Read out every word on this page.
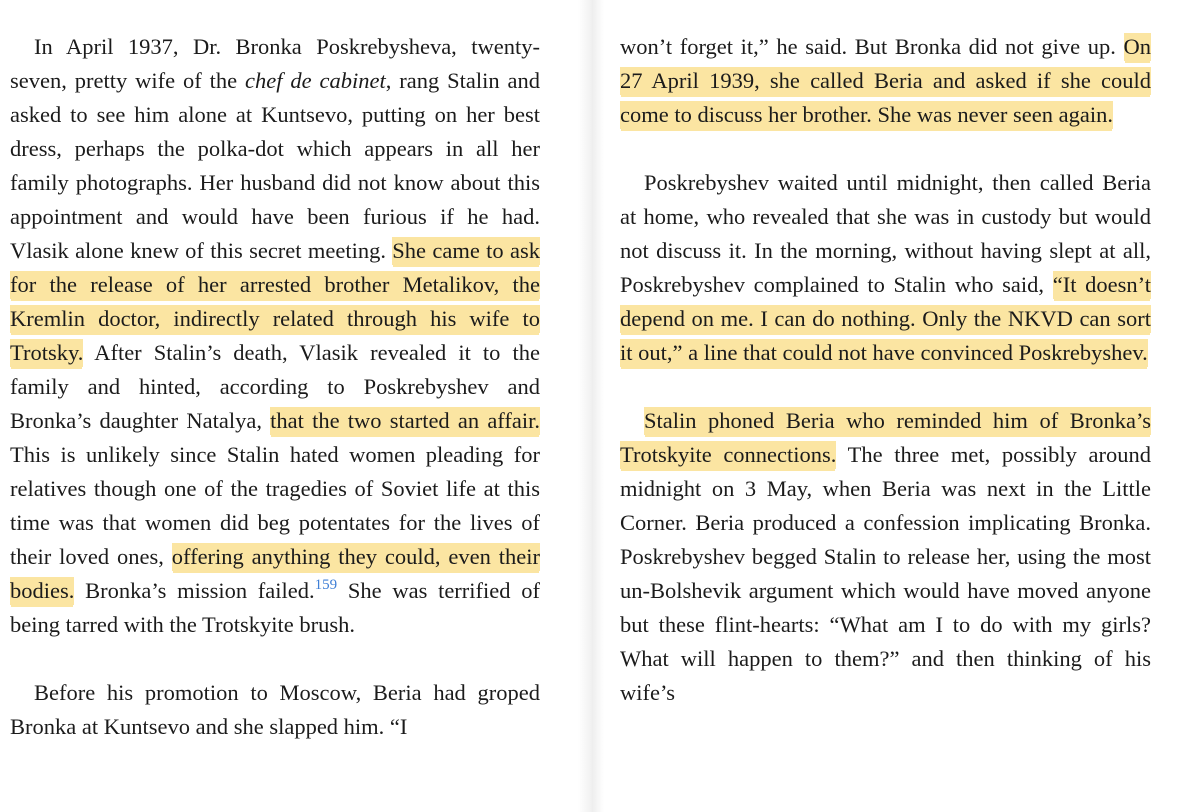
In April 1937, Dr. Bronka Poskrebysheva, twenty-seven, pretty wife of the chef de cabinet, rang Stalin and asked to see him alone at Kuntsevo, putting on her best dress, perhaps the polka-dot which appears in all her family photographs. Her husband did not know about this appointment and would have been furious if he had. Vlasik alone knew of this secret meeting. She came to ask for the release of her arrested brother Metalikov, the Kremlin doctor, indirectly related through his wife to Trotsky. After Stalin’s death, Vlasik revealed it to the family and hinted, according to Poskrebyshev and Bronka’s daughter Natalya, that the two started an affair. This is unlikely since Stalin hated women pleading for relatives though one of the tragedies of Soviet life at this time was that women did beg potentates for the lives of their loved ones, offering anything they could, even their bodies. Bronka’s mission failed.$^{159}$ She was terrified of being tarred with the Trotskyite brush.

Before his promotion to Moscow, Beria had groped Bronka at Kuntsevo and she slapped him. “I

won’t forget it,” he said. But Bronka did not give up. On 27 April 1939, she called Beria and asked if she could come to discuss her brother. She was never seen again.

Poskrebyshev waited until midnight, then called Beria at home, who revealed that she was in custody but would not discuss it. In the morning, without having slept at all, Poskrebyshev complained to Stalin who said, “It doesn’t depend on me. I can do nothing. Only the NKVD can sort it out,” a line that could not have convinced Poskrebyshev.

Stalin phoned Beria who reminded him of Bronka’s Trotskyite connections. The three met, possibly around midnight on 3 May, when Beria was next in the Little Corner. Beria produced a confession implicating Bronka. Poskrebyshev begged Stalin to release her, using the most un-Bolshevik argument which would have moved anyone but these flint-hearts: “What am I to do with my girls? What will happen to them?” and then thinking of his wife’s
